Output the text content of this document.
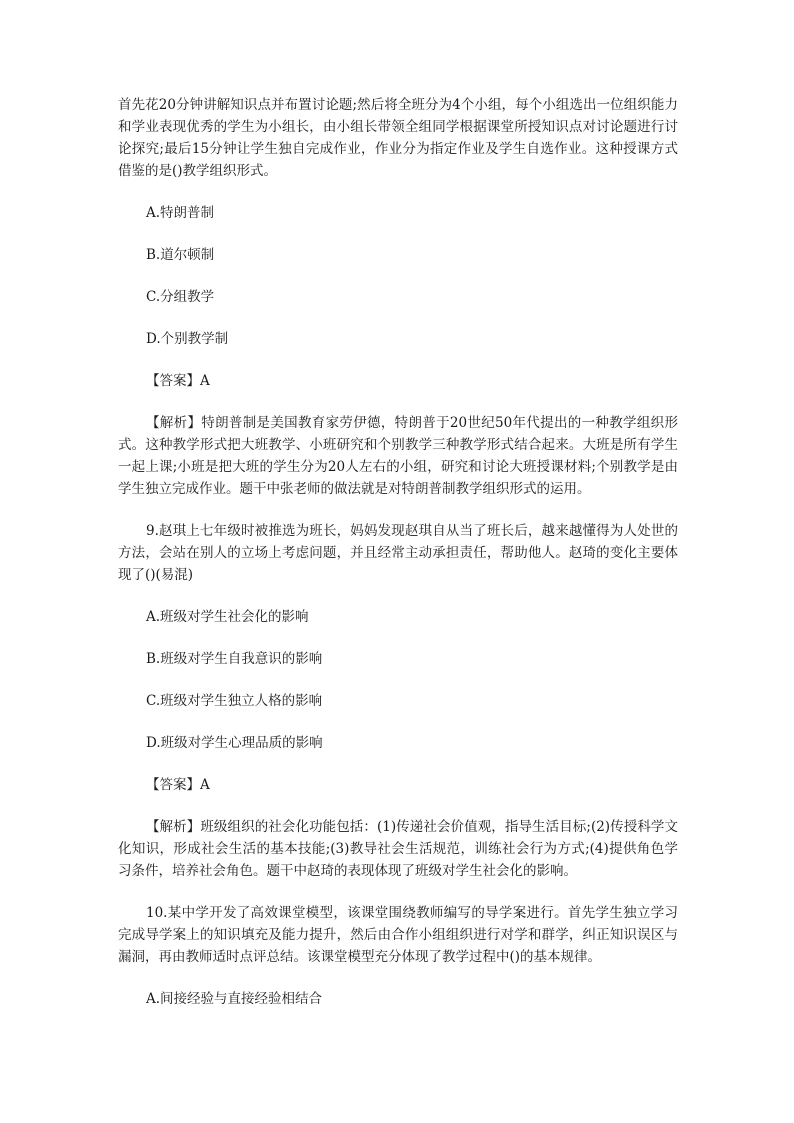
首先花20分钟讲解知识点并布置讨论题;然后将全班分为4个小组，每个小组选出一位组织能力和学业表现优秀的学生为小组长，由小组长带领全组同学根据课堂所授知识点对讨论题进行讨论探究;最后15分钟让学生独自完成作业，作业分为指定作业及学生自选作业。这种授课方式借鉴的是()教学组织形式。

A.特朗普制

B.道尔顿制

C.分组教学

D.个别教学制

【答案】A

【解析】特朗普制是美国教育家劳伊德，特朗普于20世纪50年代提出的一种教学组织形式。这种教学形式把大班教学、小班研究和个别教学三种教学形式结合起来。大班是所有学生一起上课;小班是把大班的学生分为20人左右的小组，研究和讨论大班授课材料;个别教学是由学生独立完成作业。题干中张老师的做法就是对特朗普制教学组织形式的运用。

9.赵琪上七年级时被推选为班长，妈妈发现赵琪自从当了班长后，越来越懂得为人处世的方法，会站在别人的立场上考虑问题，并且经常主动承担责任，帮助他人。赵琦的变化主要体现了()(易混)

A.班级对学生社会化的影响

B.班级对学生自我意识的影响

C.班级对学生独立人格的影响

D.班级对学生心理品质的影响

【答案】A

【解析】班级组织的社会化功能包括：(1)传递社会价值观，指导生活目标;(2)传授科学文化知识，形成社会生活的基本技能;(3)教导社会生活规范，训练社会行为方式;(4)提供角色学习条件，培养社会角色。题干中赵琦的表现体现了班级对学生社会化的影响。

10.某中学开发了高效课堂模型，该课堂围绕教师编写的导学案进行。首先学生独立学习完成导学案上的知识填充及能力提升，然后由合作小组组织进行对学和群学，纠正知识误区与漏洞，再由教师适时点评总结。该课堂模型充分体现了教学过程中()的基本规律。

A.间接经验与直接经验相结合
